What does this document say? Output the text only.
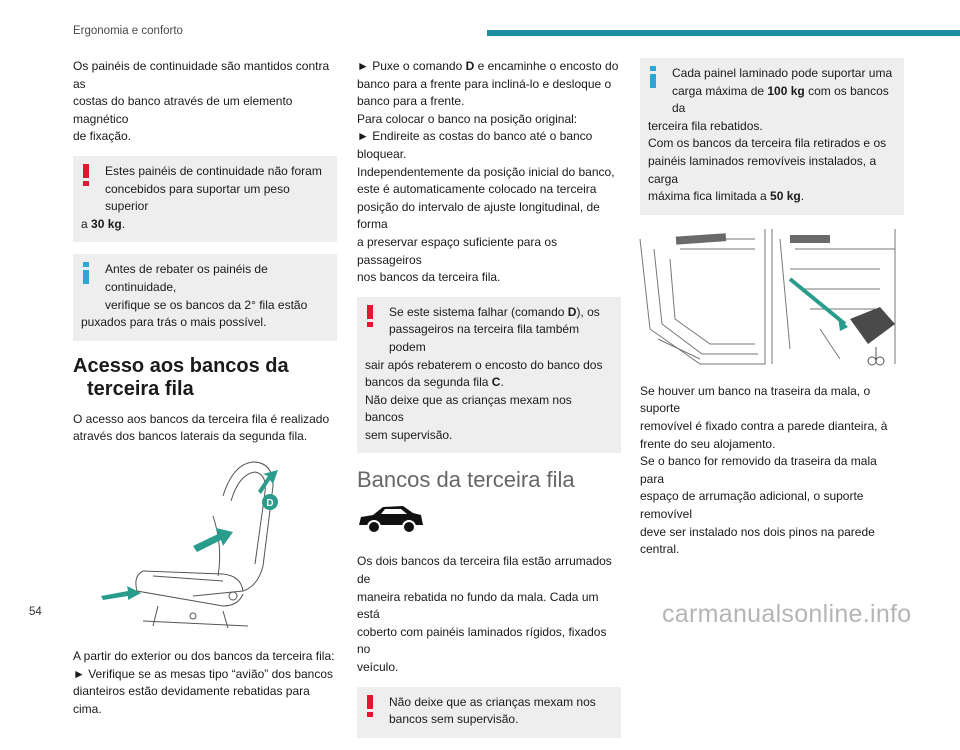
Ergonomia e conforto

Os painéis de continuidade são mantidos contra as
costas do banco através de um elemento magnético
de fixação.

Estes painéis de continuidade não foram
concebidos para suportar um peso superior
a 30 kg.
Antes de rebater os painéis de continuidade,
verifique se os bancos da 2° fila estão
puxados para trás o mais possível.
Acesso aos bancos da
terceira fila

O acesso aos bancos da terceira fila é realizado
através dos bancos laterais da segunda fila.

D

A partir do exterior ou dos bancos da terceira fila:
► Verifique se as mesas tipo “avião” dos bancos
dianteiros estão devidamente rebatidas para cima.

► Puxe o comando D e encaminhe o encosto do
banco para a frente para incliná-lo e desloque o
banco para a frente.
Para colocar o banco na posição original:
► Endireite as costas do banco até o banco
bloquear.
Independentemente da posição inicial do banco,
este é automaticamente colocado na terceira
posição do intervalo de ajuste longitudinal, de forma
a preservar espaço suficiente para os passageiros
nos bancos da terceira fila.

Se este sistema falhar (comando D), os
passageiros na terceira fila também podem
sair após rebaterem o encosto do banco dos
bancos da segunda fila C.
Não deixe que as crianças mexam nos bancos
sem supervisão.
Bancos da terceira fila

Os dois bancos da terceira fila estão arrumados de
maneira rebatida no fundo da mala. Cada um está
coberto com painéis laminados rígidos, fixados no
veículo.

Não deixe que as crianças mexam nos
bancos sem supervisão.
Cada painel laminado pode suportar uma
carga máxima de 100 kg com os bancos da
terceira fila rebatidos.
Com os bancos da terceira fila retirados e os
painéis laminados removíveis instalados, a carga
máxima fica limitada a 50 kg.

Se houver um banco na traseira da mala, o suporte
removível é fixado contra a parede dianteira, à
frente do seu alojamento.
Se o banco for removido da traseira da mala para
espaço de arrumação adicional, o suporte removível
deve ser instalado nos dois pinos na parede central.

54	carmanualsonline.info
